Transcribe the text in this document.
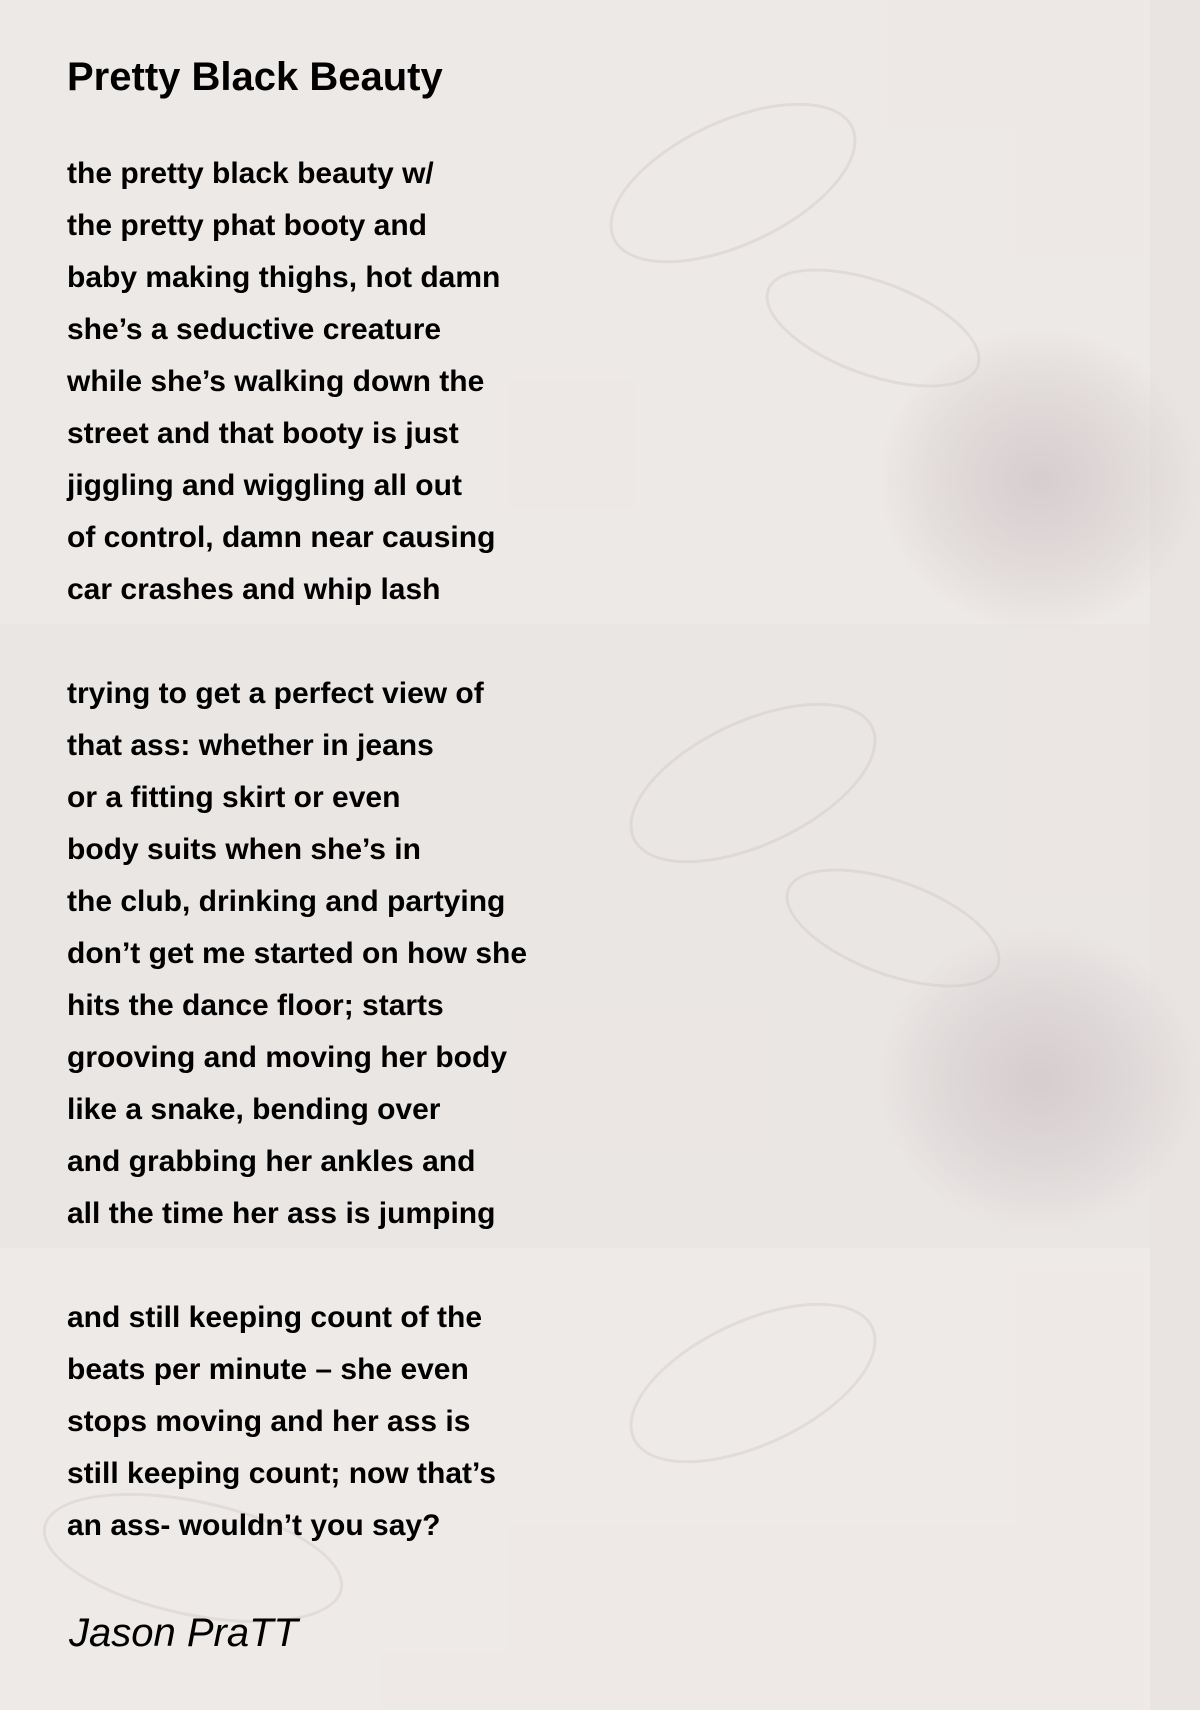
Pretty Black Beauty
the pretty black beauty w/
the pretty phat booty and
baby making thighs, hot damn
she’s a seductive creature
while she’s walking down the
street and that booty is just
jiggling and wiggling all out
of control, damn near causing
car crashes and whip lash
trying to get a perfect view of
that ass: whether in jeans
or a fitting skirt or even
body suits when she’s in
the club, drinking and partying
don’t get me started on how she
hits the dance floor; starts
grooving and moving her body
like a snake, bending over
and grabbing her ankles and
all the time her ass is jumping
and still keeping count of the
beats per minute – she even
stops moving and her ass is
still keeping count; now that’s
an ass- wouldn’t you say?
Jason PraTT
